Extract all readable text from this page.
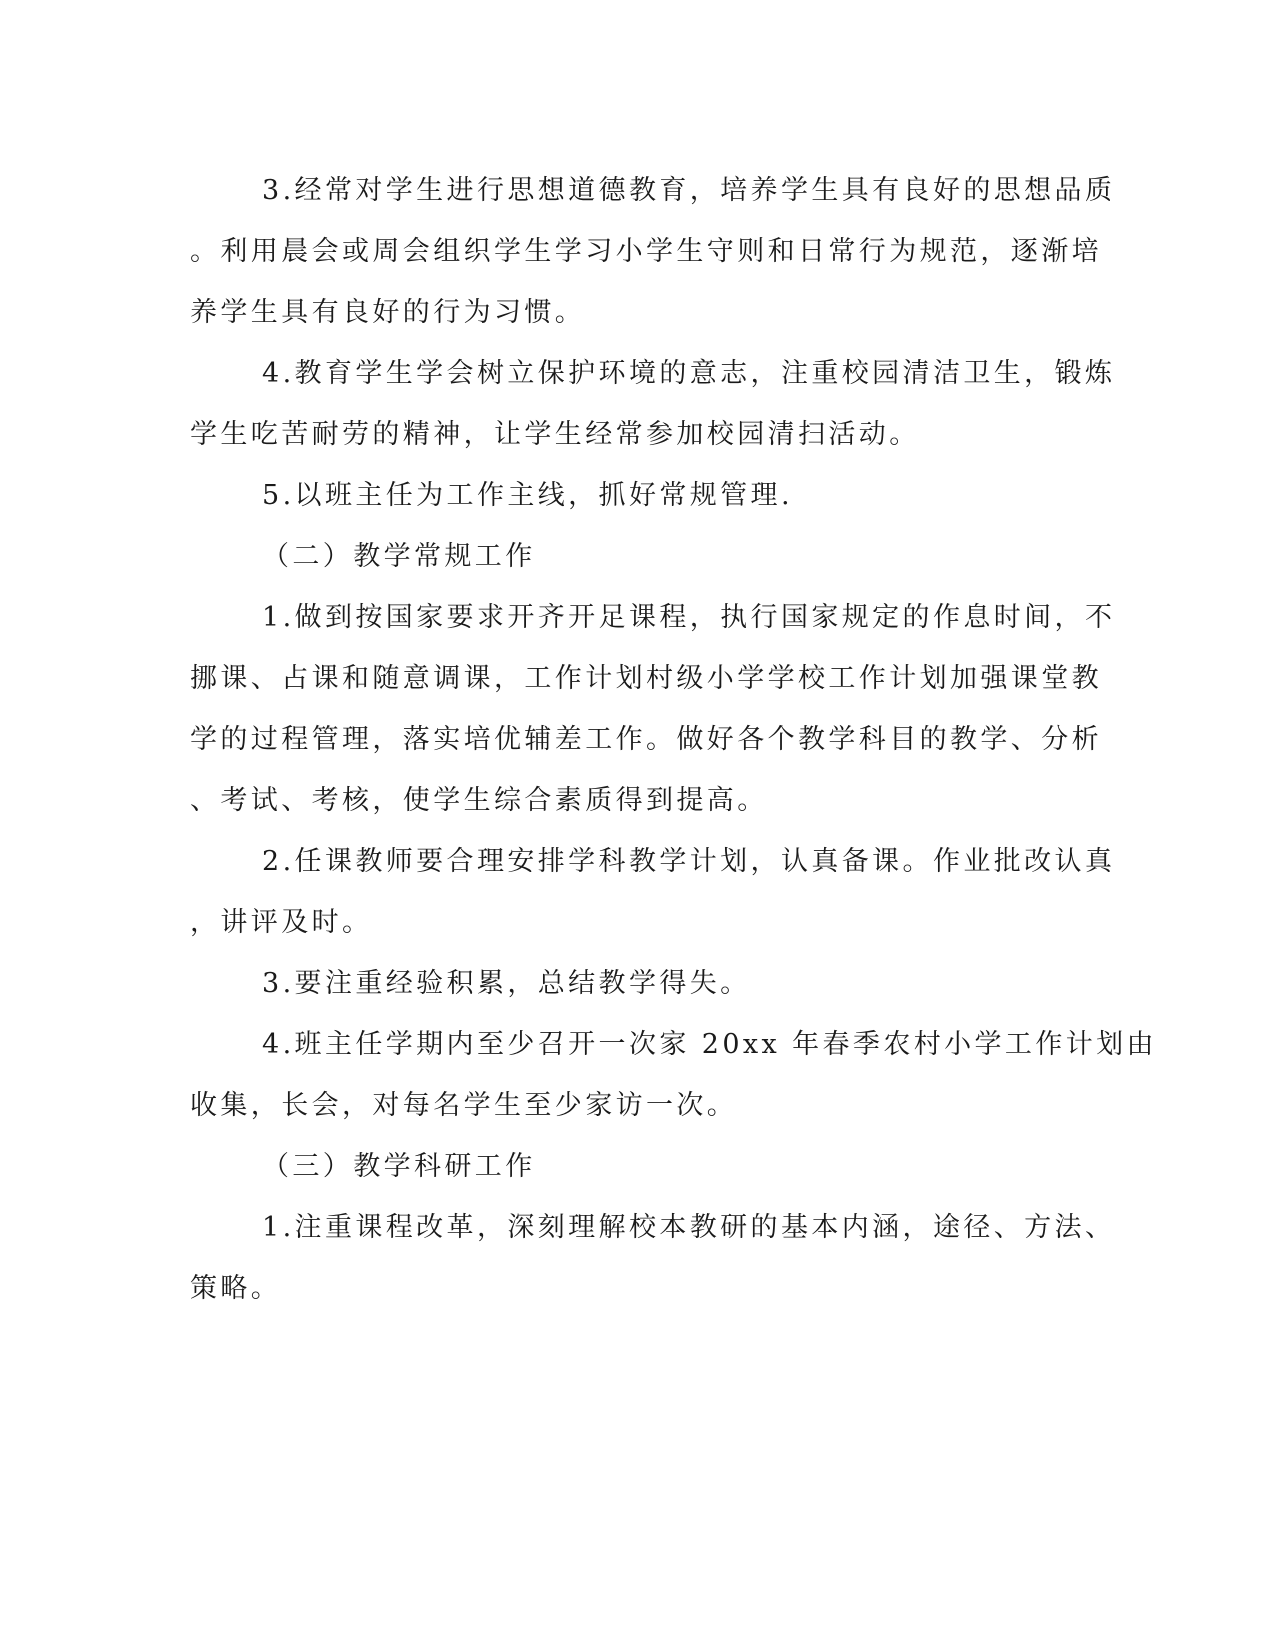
3.经常对学生进行思想道德教育，培养学生具有良好的思想品质
。利用晨会或周会组织学生学习小学生守则和日常行为规范，逐渐培
养学生具有良好的行为习惯。
4.教育学生学会树立保护环境的意志，注重校园清洁卫生，锻炼
学生吃苦耐劳的精神，让学生经常参加校园清扫活动。
5.以班主任为工作主线，抓好常规管理.
（二）教学常规工作
1.做到按国家要求开齐开足课程，执行国家规定的作息时间，不
挪课、占课和随意调课，工作计划村级小学学校工作计划加强课堂教
学的过程管理，落实培优辅差工作。做好各个教学科目的教学、分析
、考试、考核，使学生综合素质得到提高。
2.任课教师要合理安排学科教学计划，认真备课。作业批改认真
，讲评及时。
3.要注重经验积累，总结教学得失。
4.班主任学期内至少召开一次家 20xx 年春季农村小学工作计划由
收集，长会，对每名学生至少家访一次。
（三）教学科研工作
1.注重课程改革，深刻理解校本教研的基本内涵，途径、方法、
策略。
